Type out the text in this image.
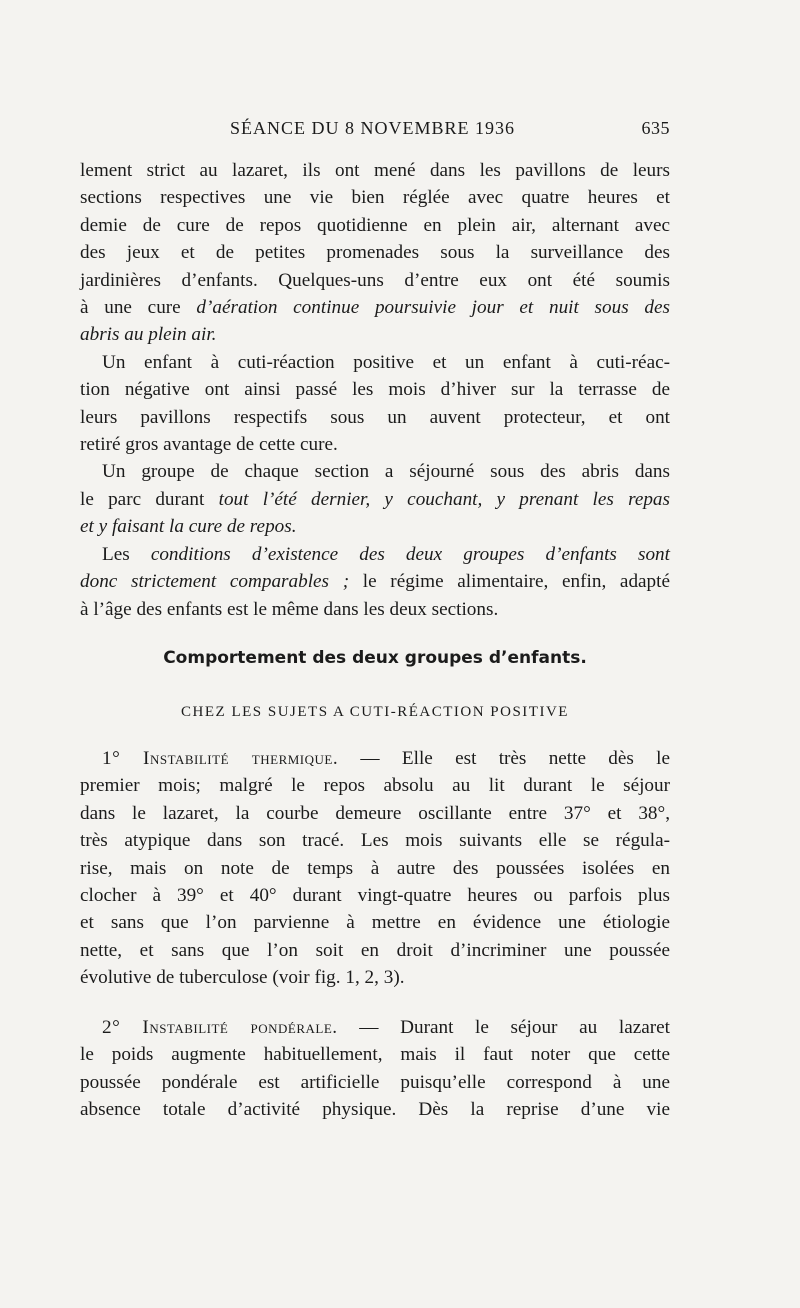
SÉANCE DU 8 NOVEMBRE 1936	635

lement strict au lazaret, ils ont mené dans les pavillons de leurs
sections respectives une vie bien réglée avec quatre heures et
demie de cure de repos quotidienne en plein air, alternant avec
des jeux et de petites promenades sous la surveillance des
jardinières d’enfants. Quelques-uns d’entre eux ont été soumis
à une cure d’aération continue poursuivie jour et nuit sous des
abris au plein air.

Un enfant à cuti-réaction positive et un enfant à cuti-réac-
tion négative ont ainsi passé les mois d’hiver sur la terrasse de
leurs pavillons respectifs sous un auvent protecteur, et ont
retiré gros avantage de cette cure.

Un groupe de chaque section a séjourné sous des abris dans
le parc durant tout l’été dernier, y couchant, y prenant les repas
et y faisant la cure de repos.

Les conditions d’existence des deux groupes d’enfants sont
donc strictement comparables ; le régime alimentaire, enfin, adapté
à l’âge des enfants est le même dans les deux sections.

Comportement des deux groupes d’enfants.
CHEZ LES SUJETS A CUTI-RÉACTION POSITIVE
1° Instabilité thermique. — Elle est très nette dès le
premier mois; malgré le repos absolu au lit durant le séjour
dans le lazaret, la courbe demeure oscillante entre 37° et 38°,
très atypique dans son tracé. Les mois suivants elle se régula-
rise, mais on note de temps à autre des poussées isolées en
clocher à 39° et 40° durant vingt-quatre heures ou parfois plus
et sans que l’on parvienne à mettre en évidence une étiologie
nette, et sans que l’on soit en droit d’incriminer une poussée
évolutive de tuberculose (voir fig. 1, 2, 3).
2° Instabilité pondérale. — Durant le séjour au lazaret
le poids augmente habituellement, mais il faut noter que cette
poussée pondérale est artificielle puisqu’elle correspond à une
absence totale d’activité physique. Dès la reprise d’une vie
